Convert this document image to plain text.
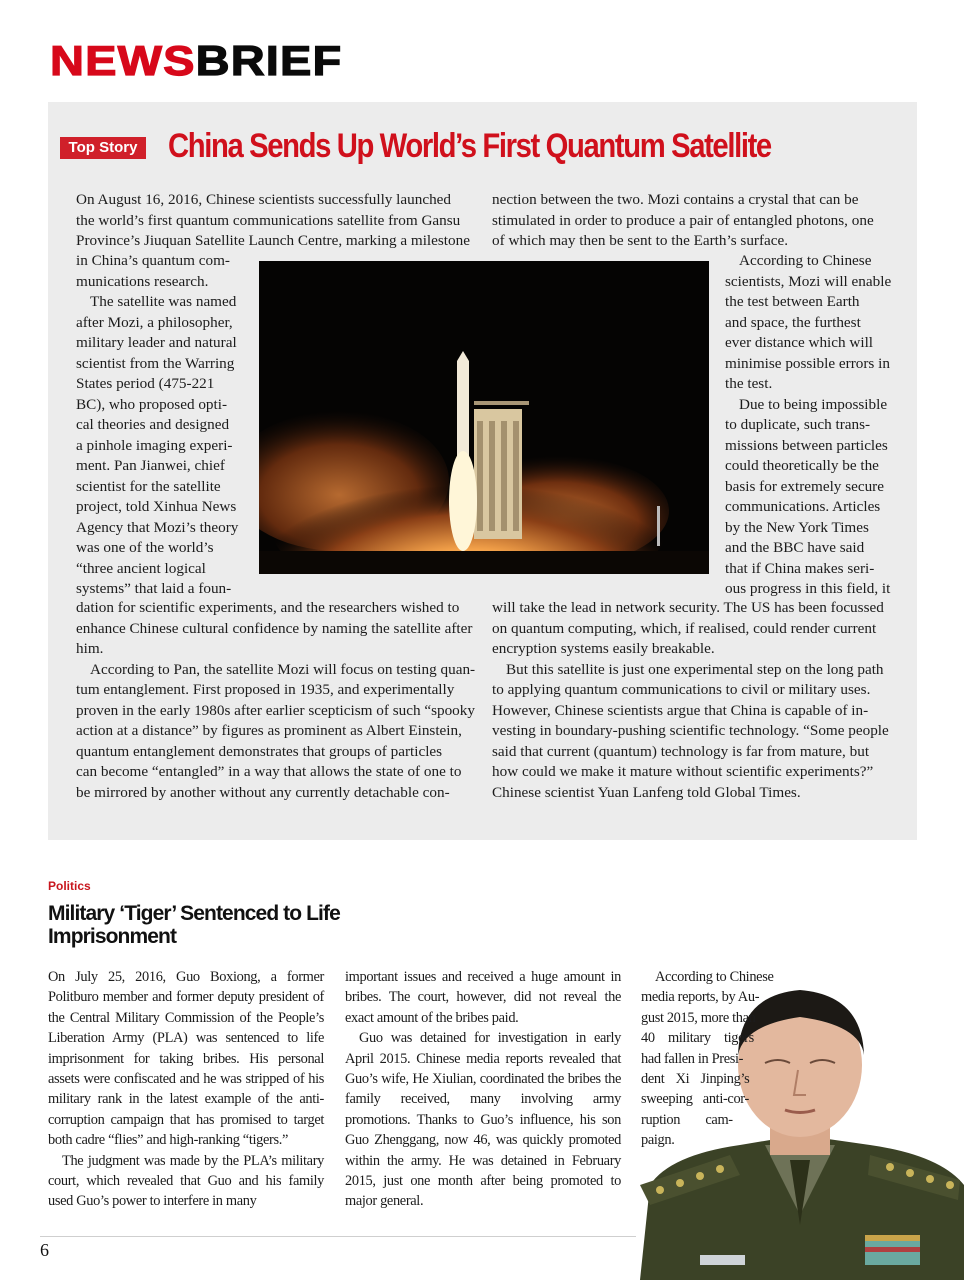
NEWSBRIEF
Top Story China Sends Up World’s First Quantum Satellite
On August 16, 2016, Chinese scientists successfully launched
the world’s first quantum communications satellite from Gansu
Province’s Jiuquan Satellite Launch Centre, marking a milestone
in China’s quantum com-
munications research.
The satellite was named
after Mozi, a philosopher,
military leader and natural
scientist from the Warring
States period (475-221
BC), who proposed opti-
cal theories and designed
a pinhole imaging experi-
ment. Pan Jianwei, chief
scientist for the satellite
project, told Xinhua News
Agency that Mozi’s theory
was one of the world’s
“three ancient logical
systems” that laid a foun-
dation for scientific experiments, and the researchers wished to
enhance Chinese cultural confidence by naming the satellite after
him.
According to Pan, the satellite Mozi will focus on testing quan-
tum entanglement. First proposed in 1935, and experimentally
proven in the early 1980s after earlier scepticism of such “spooky
action at a distance” by figures as prominent as Albert Einstein,
quantum entanglement demonstrates that groups of particles
can become “entangled” in a way that allows the state of one to
be mirrored by another without any currently detachable con-
nection between the two. Mozi contains a crystal that can be
stimulated in order to produce a pair of entangled photons, one
of which may then be sent to the Earth’s surface.
According to Chinese
scientists, Mozi will enable
the test between Earth
and space, the furthest
ever distance which will
minimise possible errors in
the test.
Due to being impossible
to duplicate, such trans-
missions between particles
could theoretically be the
basis for extremely secure
communications. Articles
by the New York Times
and the BBC have said
that if China makes seri-
ous progress in this field, it
will take the lead in network security. The US has been focussed
on quantum computing, which, if realised, could render current
encryption systems easily breakable.
But this satellite is just one experimental step on the long path
to applying quantum communications to civil or military uses.
However, Chinese scientists argue that China is capable of in-
vesting in boundary-pushing scientific technology. “Some people
said that current (quantum) technology is far from mature, but
how could we make it mature without scientific experiments?”
Chinese scientist Yuan Lanfeng told Global Times.
Politics
Military ‘Tiger’ Sentenced to Life Imprisonment

On July 25, 2016, Guo Boxiong, a former Politburo member and former deputy president of the Central Military Commission of the People’s Liberation Army (PLA) was sentenced to life imprisonment for taking bribes. His personal assets were confiscated and he was stripped of his military rank in the latest example of the anti-corruption campaign that has promised to target both cadre “flies” and high-ranking “tigers.”

The judgment was made by the PLA’s military court, which revealed that Guo and his family used Guo’s power to interfere in many

important issues and received a huge amount in bribes. The court, however, did not reveal the exact amount of the bribes paid.

Guo was detained for investigation in early April 2015. Chinese media reports revealed that Guo’s wife, He Xiulian, coordinated the bribes the family received, many involving army promotions. Thanks to Guo’s influence, his son Guo Zhenggang, now 46, was quickly promoted within the army. He was detained in February 2015, just one month after being promoted to major general.

According to Chinese
media reports, by Au-
gust 2015, more than
40 military tigers
had fallen in Presi-
dent Xi Jinping’s
sweeping anti-cor-
ruption cam-
paign.
6
